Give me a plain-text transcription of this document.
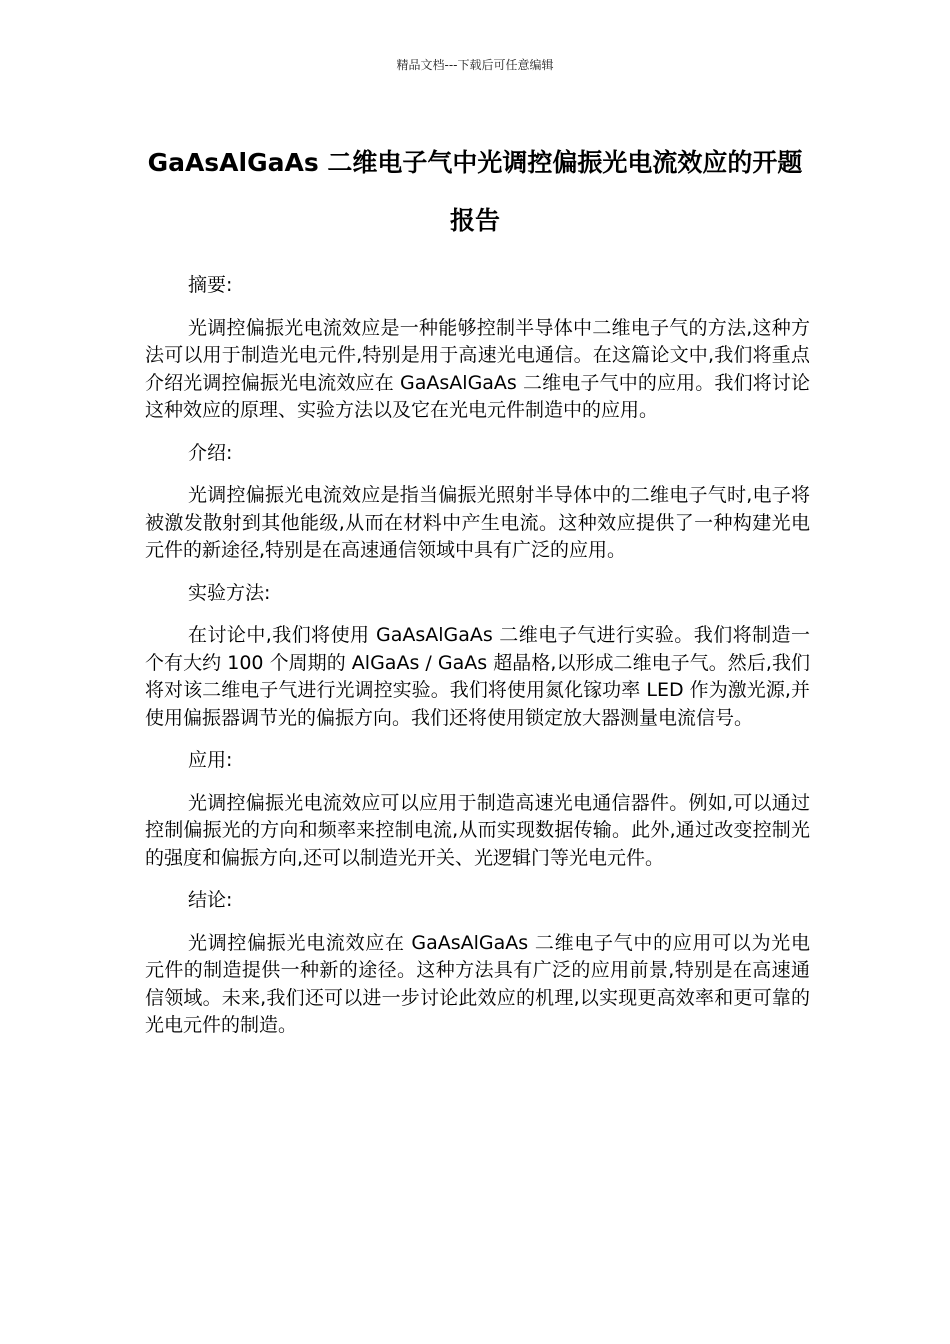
精品文档---下载后可任意编辑
GaAsAlGaAs 二维电子气中光调控偏振光电流效应的开题报告

摘要:

光调控偏振光电流效应是一种能够控制半导体中二维电子气的方法,这种方法可以用于制造光电元件,特别是用于高速光电通信。在这篇论文中,我们将重点介绍光调控偏振光电流效应在 GaAsAlGaAs 二维电子气中的应用。我们将讨论这种效应的原理、实验方法以及它在光电元件制造中的应用。

介绍:

光调控偏振光电流效应是指当偏振光照射半导体中的二维电子气时,电子将被激发散射到其他能级,从而在材料中产生电流。这种效应提供了一种构建光电元件的新途径,特别是在高速通信领域中具有广泛的应用。

实验方法:

在讨论中,我们将使用 GaAsAlGaAs 二维电子气进行实验。我们将制造一个有大约 100 个周期的 AlGaAs / GaAs 超晶格,以形成二维电子气。然后,我们将对该二维电子气进行光调控实验。我们将使用氮化镓功率 LED 作为激光源,并使用偏振器调节光的偏振方向。我们还将使用锁定放大器测量电流信号。

应用:

光调控偏振光电流效应可以应用于制造高速光电通信器件。例如,可以通过控制偏振光的方向和频率来控制电流,从而实现数据传输。此外,通过改变控制光的强度和偏振方向,还可以制造光开关、光逻辑门等光电元件。

结论:

光调控偏振光电流效应在 GaAsAlGaAs 二维电子气中的应用可以为光电元件的制造提供一种新的途径。这种方法具有广泛的应用前景,特别是在高速通信领域。未来,我们还可以进一步讨论此效应的机理,以实现更高效率和更可靠的光电元件的制造。
